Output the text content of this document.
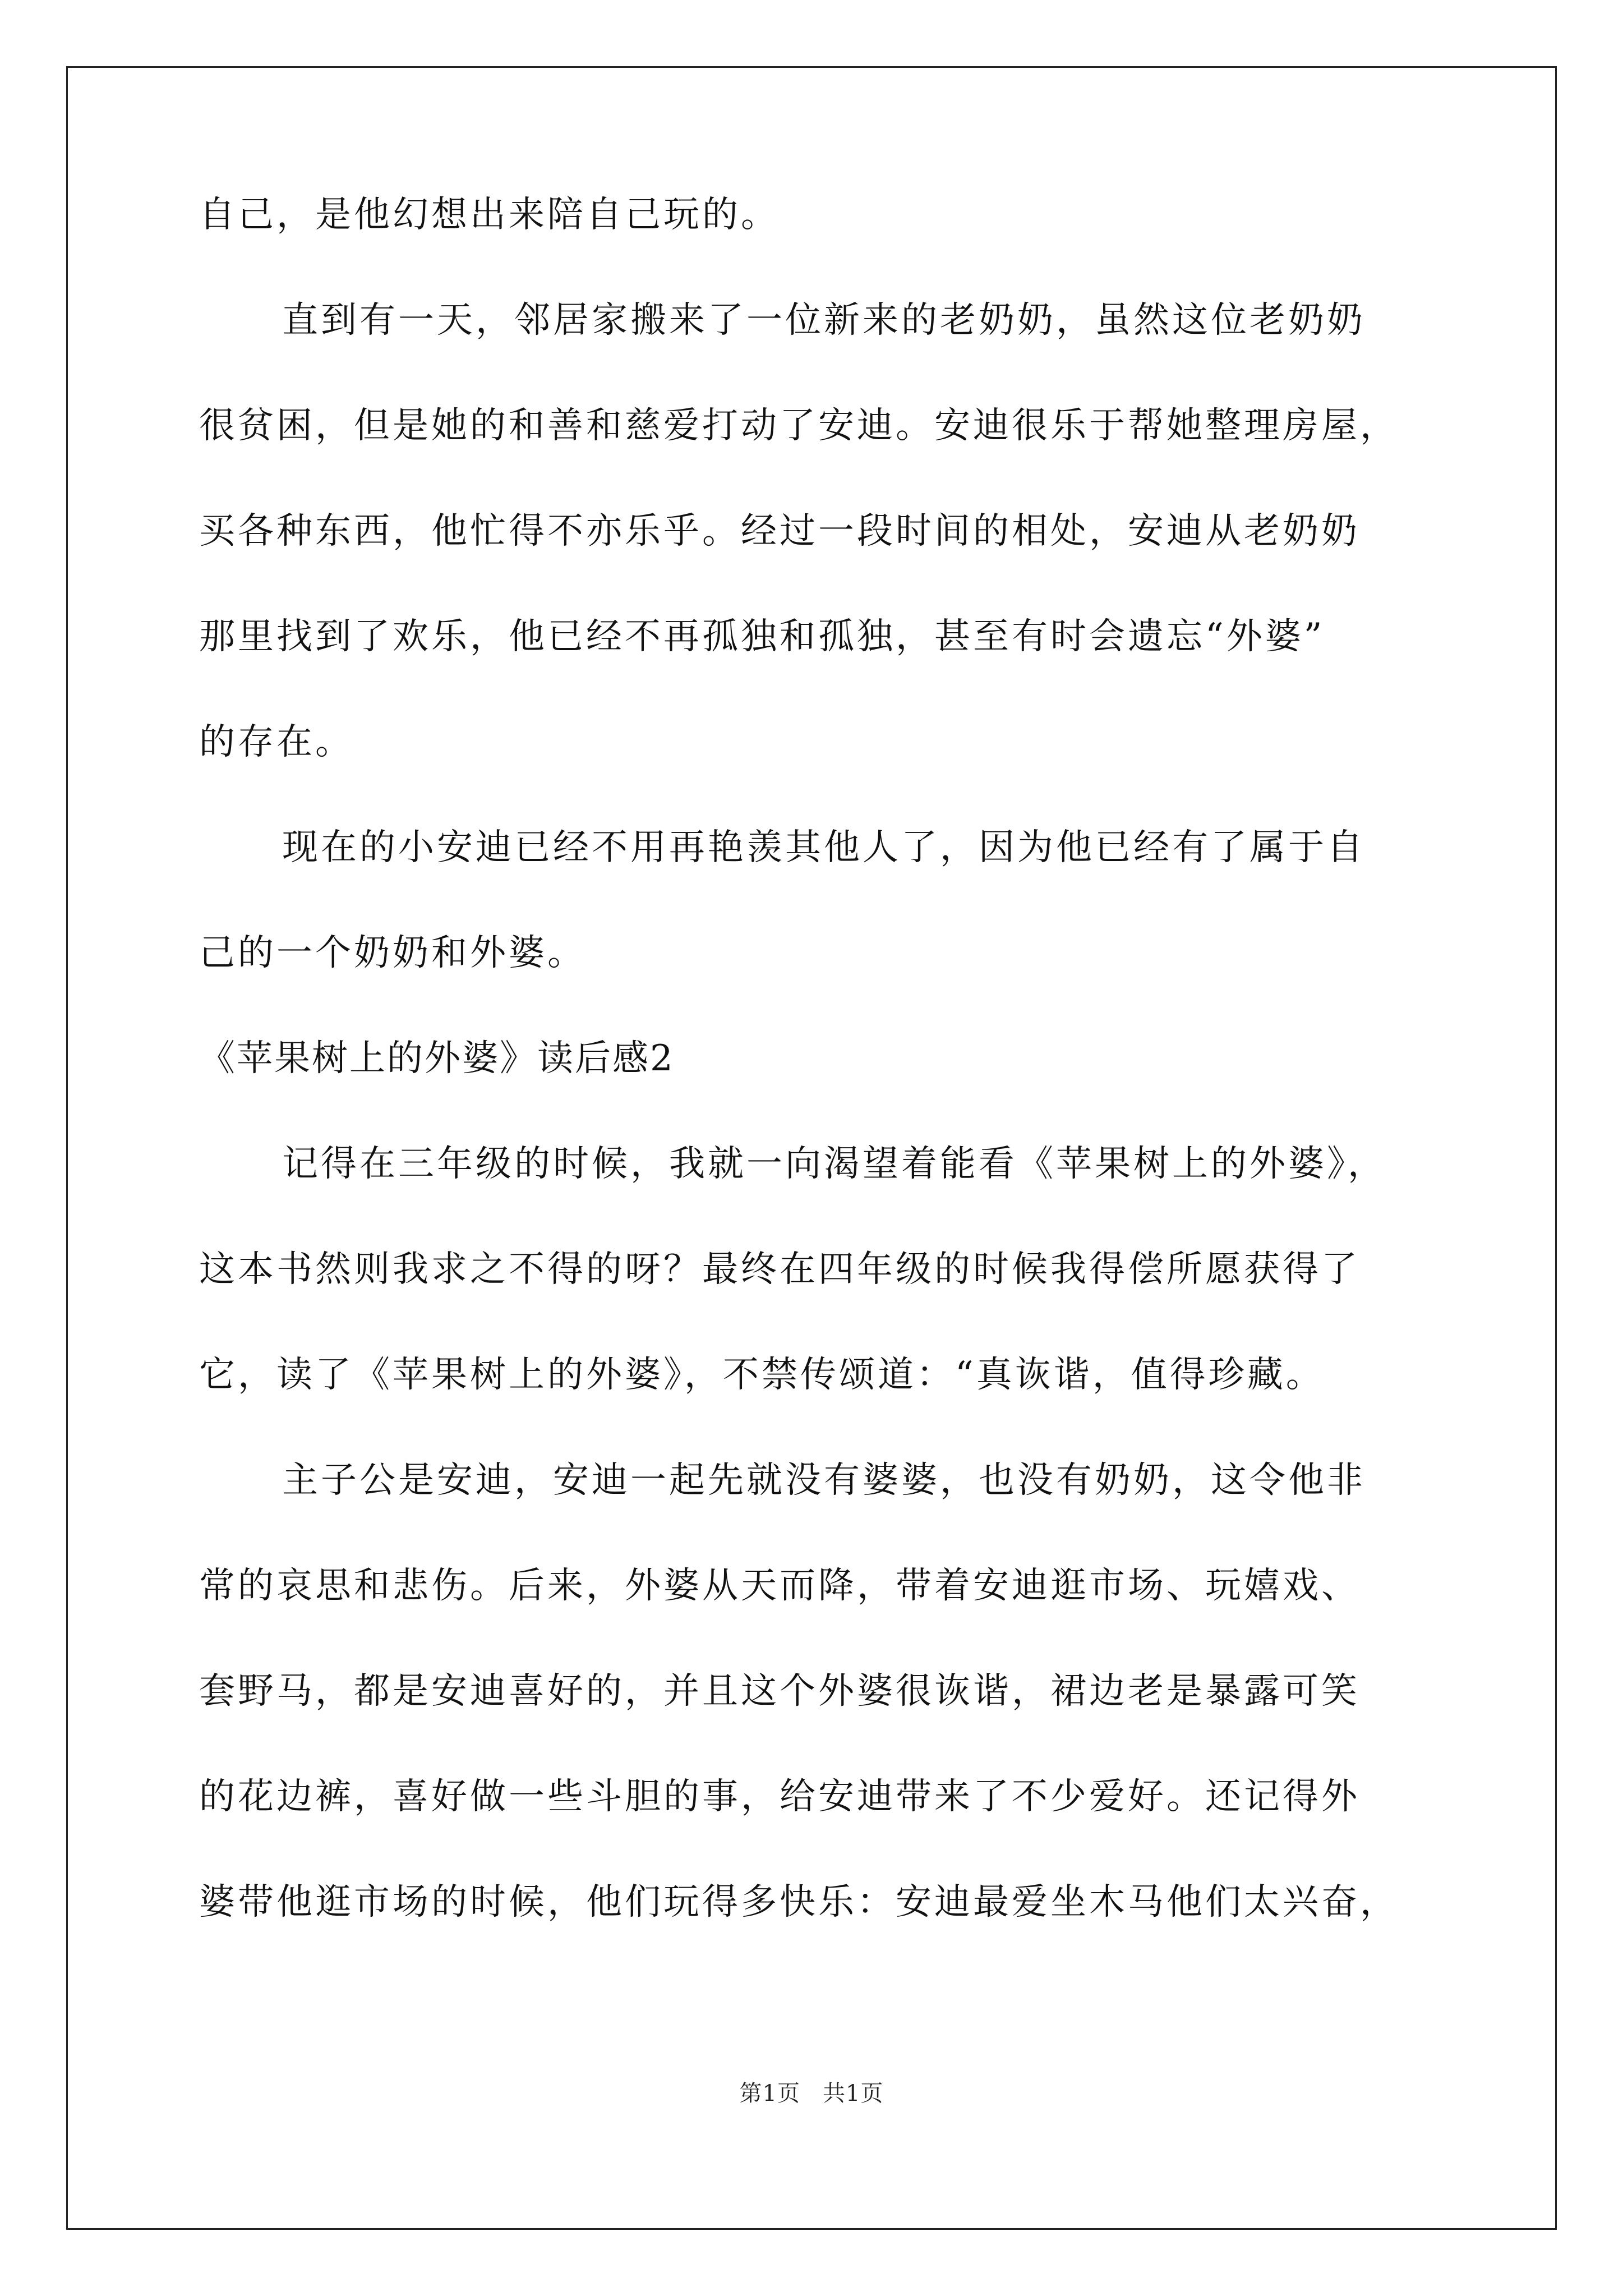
自己，是他幻想出来陪自己玩的。
直到有一天，邻居家搬来了一位新来的老奶奶，虽然这位老奶奶
很贫困，但是她的和善和慈爱打动了安迪。安迪很乐于帮她整理房屋，
买各种东西，他忙得不亦乐乎。经过一段时间的相处，安迪从老奶奶
那里找到了欢乐，他已经不再孤独和孤独，甚至有时会遗忘“外婆”
的存在。
现在的小安迪已经不用再艳羡其他人了，因为他已经有了属于自
己的一个奶奶和外婆。
《苹果树上的外婆》读后感2
记得在三年级的时候，我就一向渴望着能看《苹果树上的外婆》，
这本书然则我求之不得的呀？最终在四年级的时候我得偿所愿获得了
它，读了《苹果树上的外婆》，不禁传颂道：“真诙谐，值得珍藏。
主子公是安迪，安迪一起先就没有婆婆，也没有奶奶，这令他非
常的哀思和悲伤。后来，外婆从天而降，带着安迪逛市场、玩嬉戏、
套野马，都是安迪喜好的，并且这个外婆很诙谐，裙边老是暴露可笑
的花边裤，喜好做一些斗胆的事，给安迪带来了不少爱好。还记得外
婆带他逛市场的时候，他们玩得多快乐：安迪最爱坐木马他们太兴奋，
第1页 共1页
